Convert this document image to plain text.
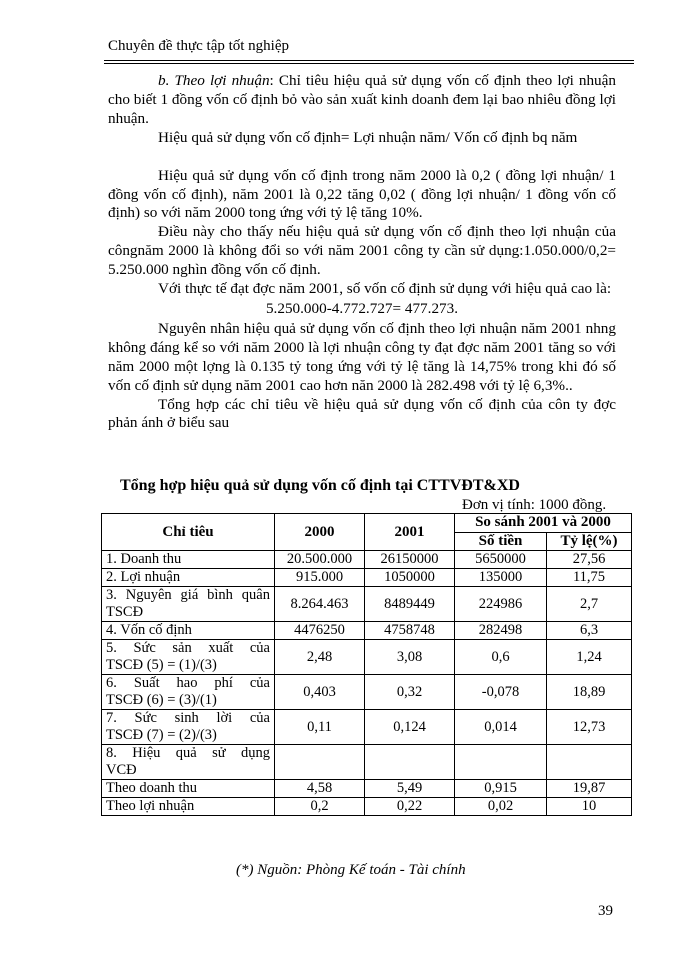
Chuyên đề thực tập tốt nghiệp

b. Theo lợi nhuận: Chỉ tiêu hiệu quả sử dụng vốn cố định theo lợi nhuận cho biết 1 đồng vốn cố định bỏ vào sản xuất kinh doanh đem lại bao nhiêu đồng lợi nhuận.

Hiệu quả sử dụng vốn cố định= Lợi nhuận năm/ Vốn cố định bq năm

Hiệu quả sử dụng vốn cố định trong năm 2000 là 0,2 ( đồng lợi nhuận/ 1 đồng vốn cố định), năm 2001 là 0,22 tăng 0,02 ( đồng lợi nhuận/ 1 đồng vốn cố định) so với năm 2000 tong ứng với tỷ lệ tăng 10%.

Điều này cho thấy nếu hiệu quả sử dụng vốn cố định theo lợi nhuận của côngnăm 2000 là không đổi so với năm 2001 công ty cần sử dụng:1.050.000/0,2= 5.250.000 nghìn đồng vốn cố định.

Với thực tế đạt đợc năm 2001, số vốn cố định sử dụng với hiệu quả cao là:

5.250.000-4.772.727= 477.273.

Nguyên nhân hiệu quả sử dụng vốn cố định theo lợi nhuận năm 2001 nhng không đáng kể so với năm 2000 là lợi nhuận công ty đạt đợc năm 2001 tăng so với năm 2000 một lợng là 0.135 tỷ tong ứng với tỷ lệ tăng là 14,75% trong khi đó số vốn cố định sử dụng năm 2001 cao hơn năn 2000 là 282.498 với tỷ lệ 6,3%..

Tổng hợp các chỉ tiêu về hiệu quả sử dụng vốn cố định của côn ty đợc phản ánh ở biểu sau

Tổng hợp hiệu quả sử dụng vốn cố định tại CTTVĐT&XD
Đơn vị tính: 1000 đồng.
Chỉ tiêu	2000	2001	So sánh 2001 và 2000	
			Số tiền	Tỷ lệ(%)
1. Doanh thu	20.500.000	26150000	5650000	27,56
2. Lợi nhuận	915.000	1050000	135000	11,75

3. Nguyên giá bình quân
TSCĐ	8.264.463	8489449	224986	2,7
4. Vốn cố định	4476250	4758748	282498	6,3

5. Sức sản xuất của
TSCĐ (5) = (1)/(3)	2,48	3,08	0,6	1,24

6. Suất hao phí của
TSCĐ (6) = (3)/(1)	0,403	0,32	-0,078	18,89

7. Sức sinh lời của
TSCĐ (7) = (2)/(3)	0,11	0,124	0,014	12,73

8. Hiệu quả sử dụng
VCĐ				
Theo doanh thu	4,58	5,49	0,915	19,87
Theo lợi nhuận	0,2	0,22	0,02	10
(*) Nguồn: Phòng Kế toán - Tài chính
39
